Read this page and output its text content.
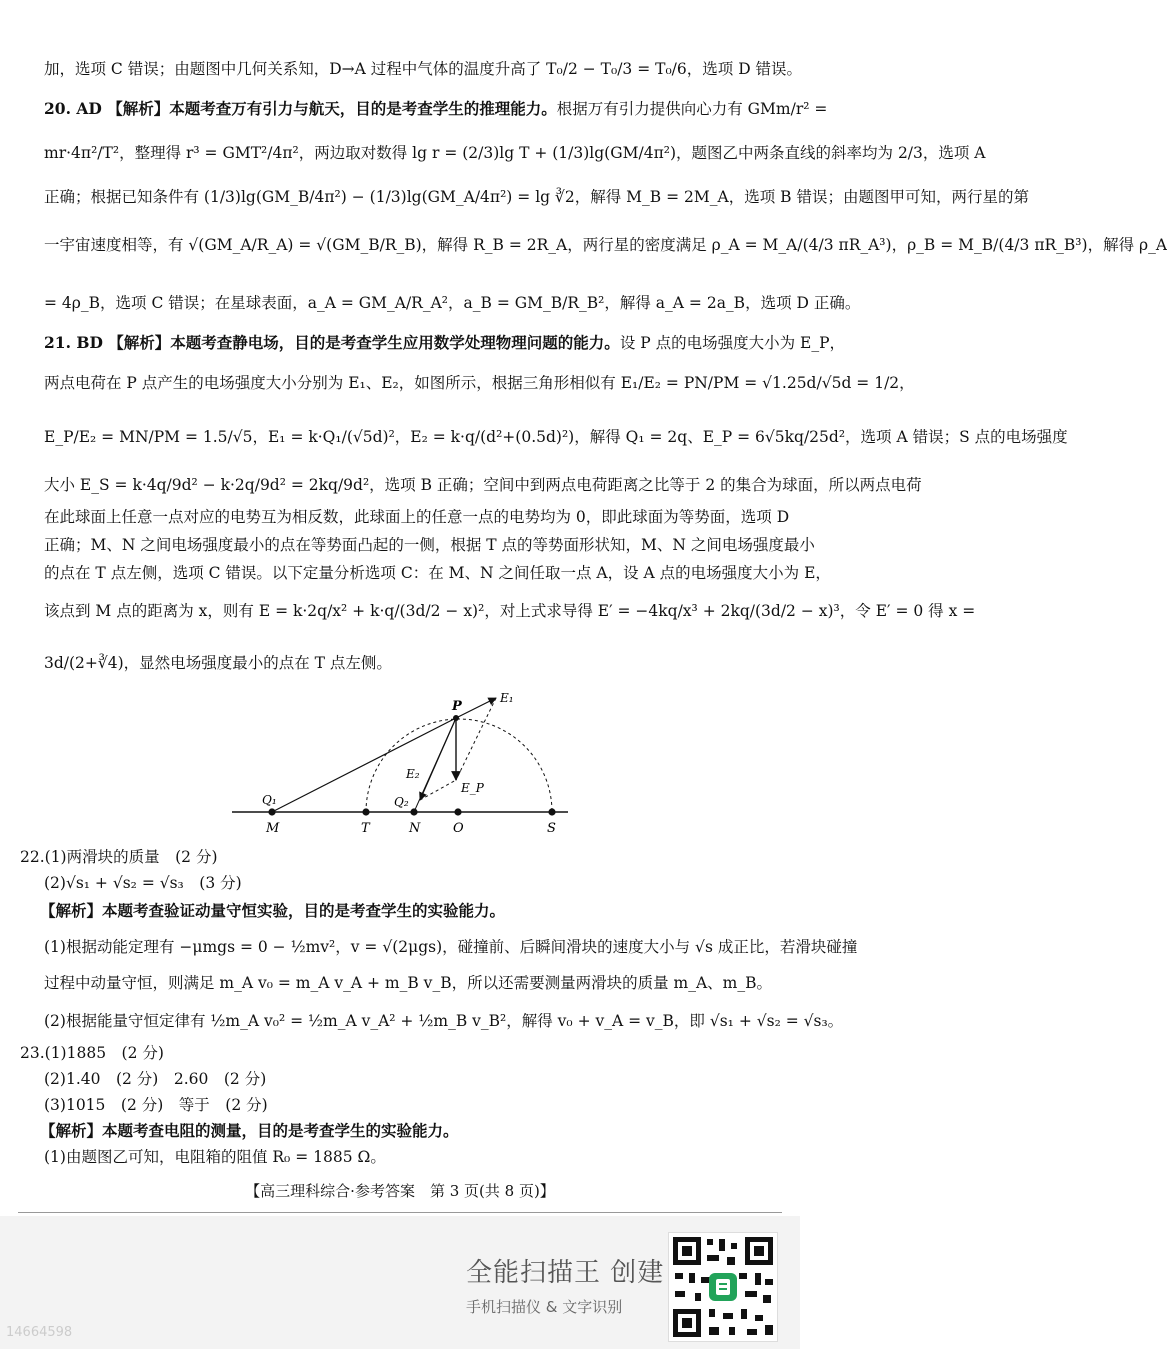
加，选项 C 错误；由题图中几何关系知，D→A 过程中气体的温度升高了 T₀/2 − T₀/3 = T₀/6，选项 D 错误。
20. AD 【解析】本题考查万有引力与航天，目的是考查学生的推理能力。根据万有引力提供向心力有 GMm/r² =
mr·4π²/T²，整理得 r³ = GMT²/4π²，两边取对数得 lg r = (2/3)lg T + (1/3)lg(GM/4π²)，题图乙中两条直线的斜率均为 2/3，选项 A
正确；根据已知条件有 (1/3)lg(GM_B/4π²) − (1/3)lg(GM_A/4π²) = lg ∛2，解得 M_B = 2M_A，选项 B 错误；由题图甲可知，两行星的第
一宇宙速度相等，有 √(GM_A/R_A) = √(GM_B/R_B)，解得 R_B = 2R_A，两行星的密度满足 ρ_A = M_A/(4/3 πR_A³)，ρ_B = M_B/(4/3 πR_B³)，解得 ρ_A
= 4ρ_B，选项 C 错误；在星球表面，a_A = GM_A/R_A²，a_B = GM_B/R_B²，解得 a_A = 2a_B，选项 D 正确。
21. BD 【解析】本题考查静电场，目的是考查学生应用数学处理物理问题的能力。设 P 点的电场强度大小为 E_P，
两点电荷在 P 点产生的电场强度大小分别为 E₁、E₂，如图所示，根据三角形相似有 E₁/E₂ = PN/PM = √1.25d/√5d = 1/2，
E_P/E₂ = MN/PM = 1.5/√5，E₁ = k·Q₁/(√5d)²，E₂ = k·q/(d²+(0.5d)²)，解得 Q₁ = 2q、E_P = 6√5kq/25d²，选项 A 错误；S 点的电场强度
大小 E_S = k·4q/9d² − k·2q/9d² = 2kq/9d²，选项 B 正确；空间中到两点电荷距离之比等于 2 的集合为球面，所以两点电荷
在此球面上任意一点对应的电势互为相反数，此球面上的任意一点的电势均为 0，即此球面为等势面，选项 D
正确；M、N 之间电场强度最小的点在等势面凸起的一侧，根据 T 点的等势面形状知，M、N 之间电场强度最小
的点在 T 点左侧，选项 C 错误。以下定量分析选项 C：在 M、N 之间任取一点 A，设 A 点的电场强度大小为 E，
该点到 M 点的距离为 x，则有 E = k·2q/x² + k·q/(3d/2 − x)²，对上式求导得 E′ = −4kq/x³ + 2kq/(3d/2 − x)³，令 E′ = 0 得 x =
3d/(2+∛4)，显然电场强度最小的点在 T 点左侧。
P
E₁
E₂
E_P
Q₁	Q₂
M	T	N	O	S
22.(1)两滑块的质量　(2 分)
(2)√s₁ + √s₂ = √s₃　(3 分)
【解析】本题考查验证动量守恒实验，目的是考查学生的实验能力。
(1)根据动能定理有 −μmgs = 0 − ½mv²，v = √(2μgs)，碰撞前、后瞬间滑块的速度大小与 √s 成正比，若滑块碰撞
过程中动量守恒，则满足 m_A v₀ = m_A v_A + m_B v_B，所以还需要测量两滑块的质量 m_A、m_B。
(2)根据能量守恒定律有 ½m_A v₀² = ½m_A v_A² + ½m_B v_B²，解得 v₀ + v_A = v_B，即 √s₁ + √s₂ = √s₃。
23.(1)1885　(2 分)
(2)1.40　(2 分)　2.60　(2 分)
(3)1015　(2 分)　等于　(2 分)
【解析】本题考查电阻的测量，目的是考查学生的实验能力。
(1)由题图乙可知，电阻箱的阻值 R₀ = 1885 Ω。
【高三理科综合·参考答案　第 3 页(共 8 页)】
全能扫描王 创建
手机扫描仪 & 文字识别
14664598
